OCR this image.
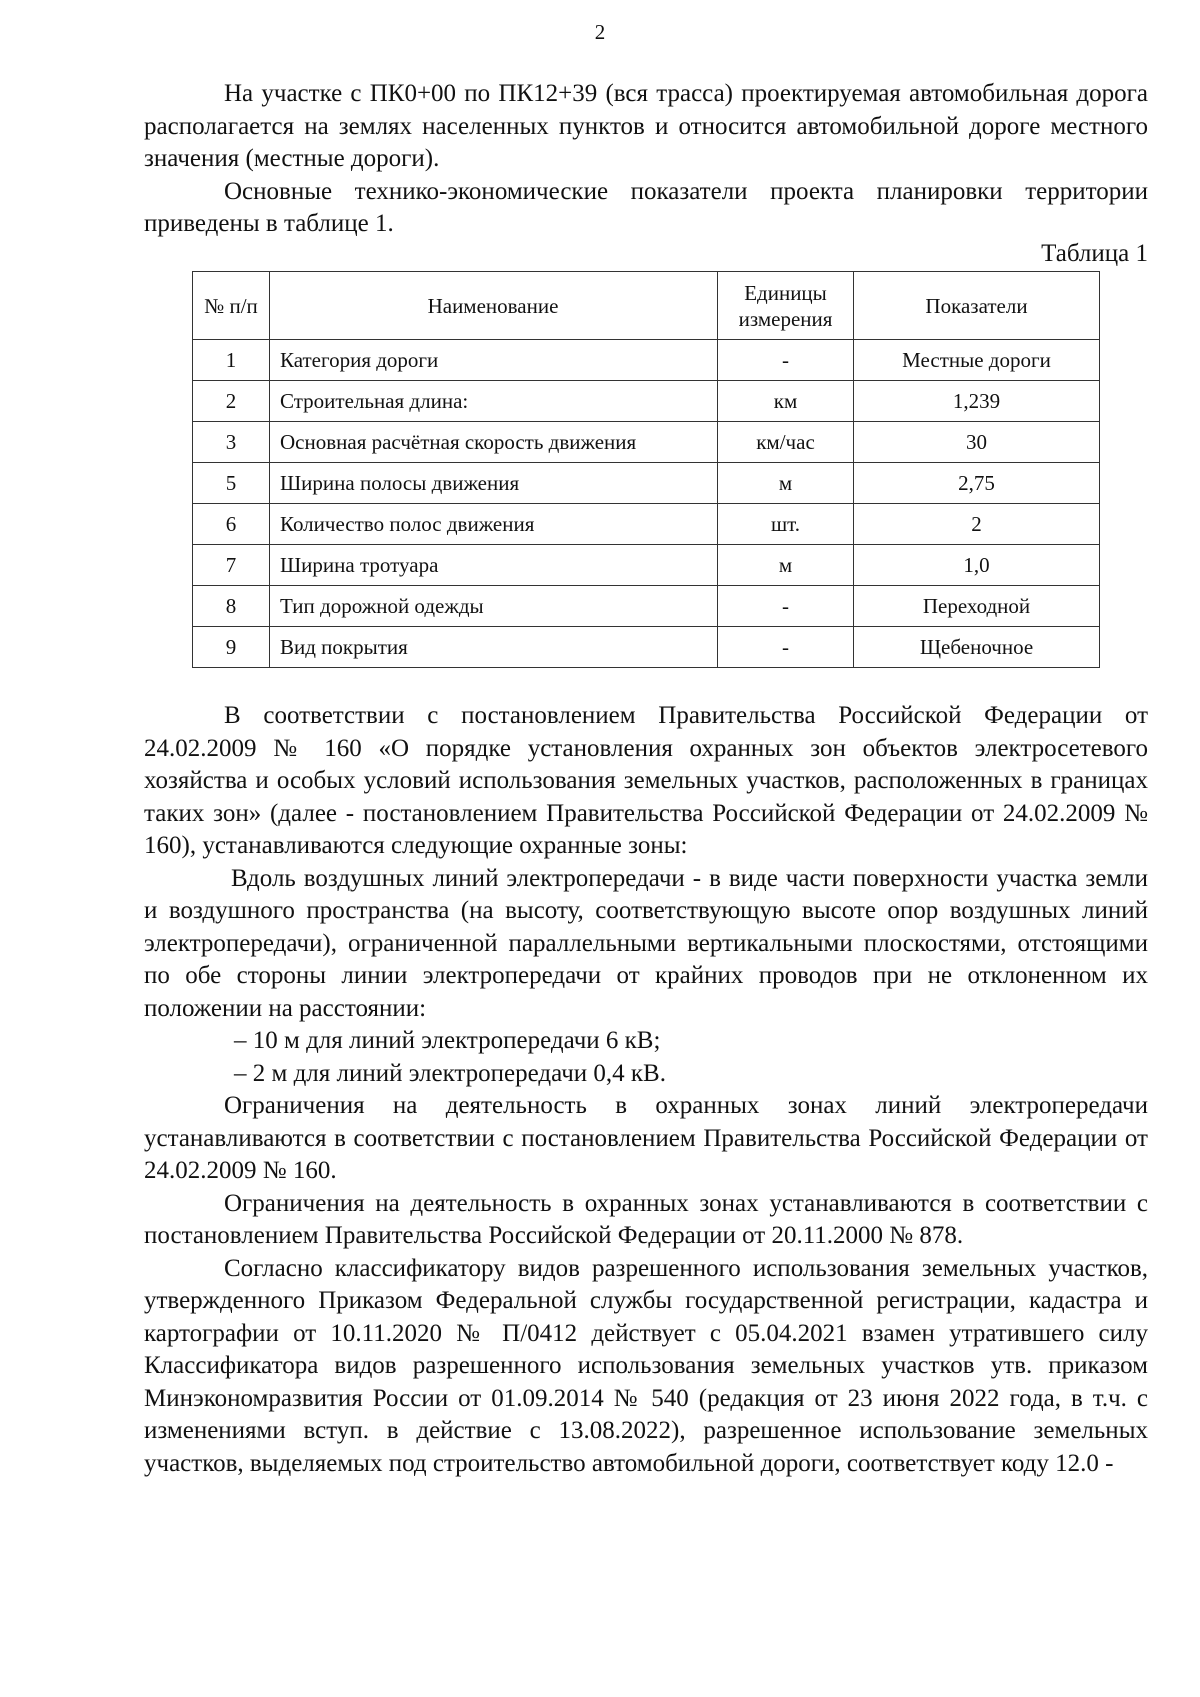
2

На участке с ПК0+00 по ПК12+39 (вся трасса) проектируемая автомобильная дорога располагается на землях населенных пунктов и относится автомобильной дороге местного значения (местные дороги).

Основные технико-экономические показатели проекта планировки территории приведены в таблице 1.

Таблица 1
№ п/п	Наименование	Единицы измерения	Показатели
1	Категория дороги	-	Местные дороги
2	Строительная длина:	км	1,239
3	Основная расчётная скорость движения	км/час	30
5	Ширина полосы движения	м	2,75
6	Количество полос движения	шт.	2
7	Ширина тротуара	м	1,0
8	Тип дорожной одежды	-	Переходной
9	Вид покрытия	-	Щебеночное

В соответствии с постановлением Правительства Российской Федерации от 24.02.2009 № 160 «О порядке установления охранных зон объектов электросетевого хозяйства и особых условий использования земельных участков, расположенных в границах таких зон» (далее - постановлением Правительства Российской Федерации от 24.02.2009 № 160), устанавливаются следующие охранные зоны:

Вдоль воздушных линий электропередачи - в виде части поверхности участка земли и воздушного пространства (на высоту, соответствующую высоте опор воздушных линий электропередачи), ограниченной параллельными вертикальными плоскостями, отстоящими по обе стороны линии электропередачи от крайних проводов при не отклоненном их положении на расстоянии:

– 10 м для линий электропередачи 6 кВ;

– 2 м для линий электропередачи 0,4 кВ.

Ограничения на деятельность в охранных зонах линий электропередачи устанавливаются в соответствии с постановлением Правительства Российской Федерации от 24.02.2009 № 160.

Ограничения на деятельность в охранных зонах устанавливаются в соответствии с постановлением Правительства Российской Федерации от 20.11.2000 № 878.

Согласно классификатору видов разрешенного использования земельных участков, утвержденного Приказом Федеральной службы государственной регистрации, кадастра и картографии от 10.11.2020 № П/0412 действует с 05.04.2021 взамен утратившего силу Классификатора видов разрешенного использования земельных участков утв. приказом Минэкономразвития России от 01.09.2014 № 540 (редакция от 23 июня 2022 года, в т.ч. с изменениями вступ. в действие с 13.08.2022), разрешенное использование земельных участков, выделяемых под строительство автомобильной дороги, соответствует коду 12.0 -
